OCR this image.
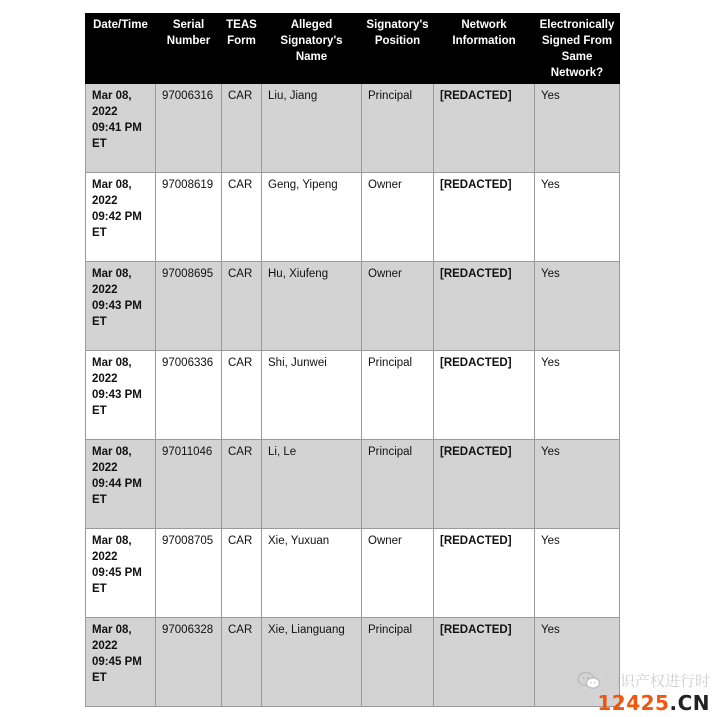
Date/Time	Serial Number	TEAS Form	Alleged Signatory's Name	Signatory's Position	Network Information	Electronically Signed From Same Network?
Mar 08, 2022 09:41 PM ET	97006316	CAR	Liu, Jiang	Principal	[REDACTED]	Yes
Mar 08, 2022 09:42 PM ET	97008619	CAR	Geng, Yipeng	Owner	[REDACTED]	Yes
Mar 08, 2022 09:43 PM ET	97008695	CAR	Hu, Xiufeng	Owner	[REDACTED]	Yes
Mar 08, 2022 09:43 PM ET	97006336	CAR	Shi, Junwei	Principal	[REDACTED]	Yes
Mar 08, 2022 09:44 PM ET	97011046	CAR	Li, Le	Principal	[REDACTED]	Yes
Mar 08, 2022 09:45 PM ET	97008705	CAR	Xie, Yuxuan	Owner	[REDACTED]	Yes
Mar 08, 2022 09:45 PM ET	97006328	CAR	Xie, Lianguang	Principal	[REDACTED]	Yes
知识产权进行时
12425.CN
